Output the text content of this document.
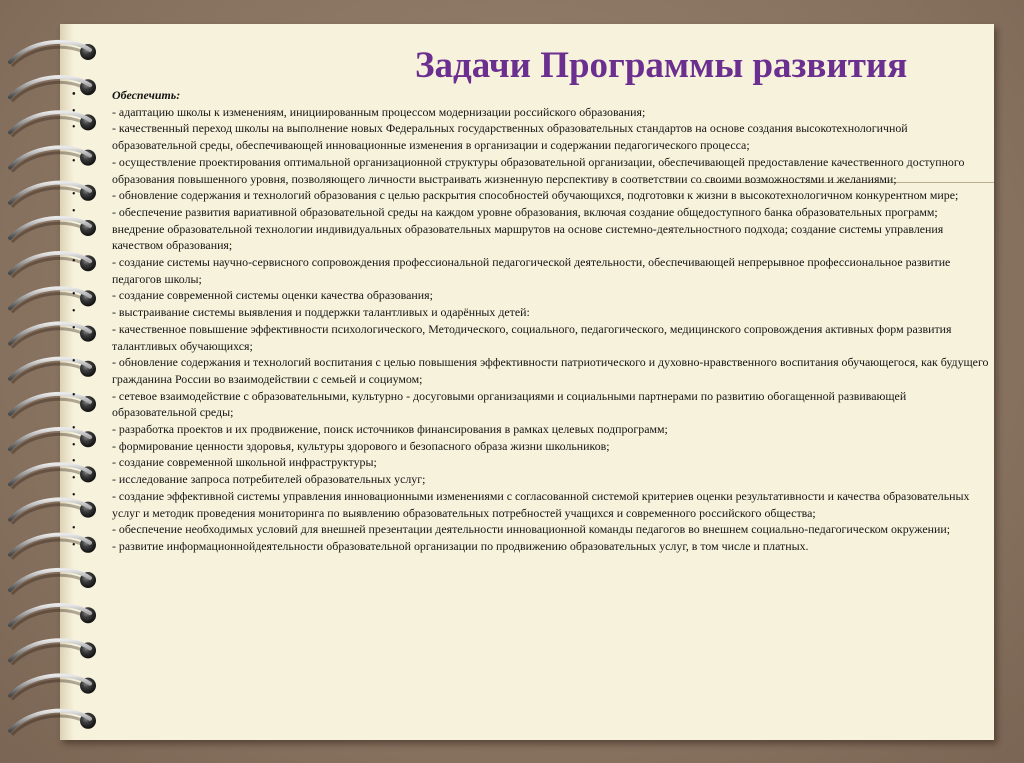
Задачи Программы развития

• Обеспечить:

• - адаптацию школы к изменениям, инициированным процессом модернизации российского образования;

• - качественный переход школы на выполнение новых Федеральных государственных образовательных стандартов на основе создания высокотехнологичной образовательной среды, обеспечивающей инновационные изменения в организации и содержании педагогического процесса;

• - осуществление проектирования оптимальной организационной структуры образовательной организации, обеспечивающей предоставление качественного доступного образования повышенного уровня, позволяющего личности выстраивать жизненную перспективу в соответствии со своими возможностями и желаниями;

• - обновление содержания и технологий образования с целью раскрытия способностей обучающихся, подготовки к жизни в высокотехнологичном конкурентном мире;

• - обеспечение развития вариативной образовательной среды на каждом уровне образования, включая создание общедоступного банка образовательных программ; внедрение образовательной технологии индивидуальных образовательных маршрутов на основе системно-деятельностного подхода; создание системы управления качеством образования;

• - создание системы научно-сервисного сопровождения профессиональной педагогической деятельности, обеспечивающей непрерывное профессиональное развитие педагогов школы;

• - создание современной системы оценки качества образования;

• - выстраивание системы выявления и поддержки талантливых и одарённых детей:

• - качественное повышение эффективности психологического, Методического, социального, педагогического, медицинского сопровождения активных форм развития талантливых обучающихся;

• - обновление содержания и технологий воспитания с целью повышения эффективности патриотического и духовно-нравственного воспитания обучающегося, как будущего гражданина России во взаимодействии с семьей и социумом;

• - сетевое взаимодействие с образовательными, культурно - досуговыми организациями и социальными партнерами по развитию обогащенной развивающей образовательной среды;

• - разработка проектов и их продвижение, поиск источников финансирования в рамках целевых подпрограмм;

• - формирование ценности здоровья, культуры здорового и безопасного образа жизни школьников;

• - создание современной школьной инфраструктуры;

• - исследование запроса потребителей образовательных услуг;

• - создание эффективной системы управления инновационными изменениями с согласованной системой критериев оценки результативности и качества образовательных услуг и методик проведения мониторинга по выявлению образовательных потребностей учащихся и современного российского общества;

• - обеспечение необходимых условий для внешней презентации деятельности инновационной команды педагогов во внешнем социально-педагогическом окружении;

• - развитие информационнойдеятельности образовательной организации по продвижению образовательных услуг, в том числе и платных.
